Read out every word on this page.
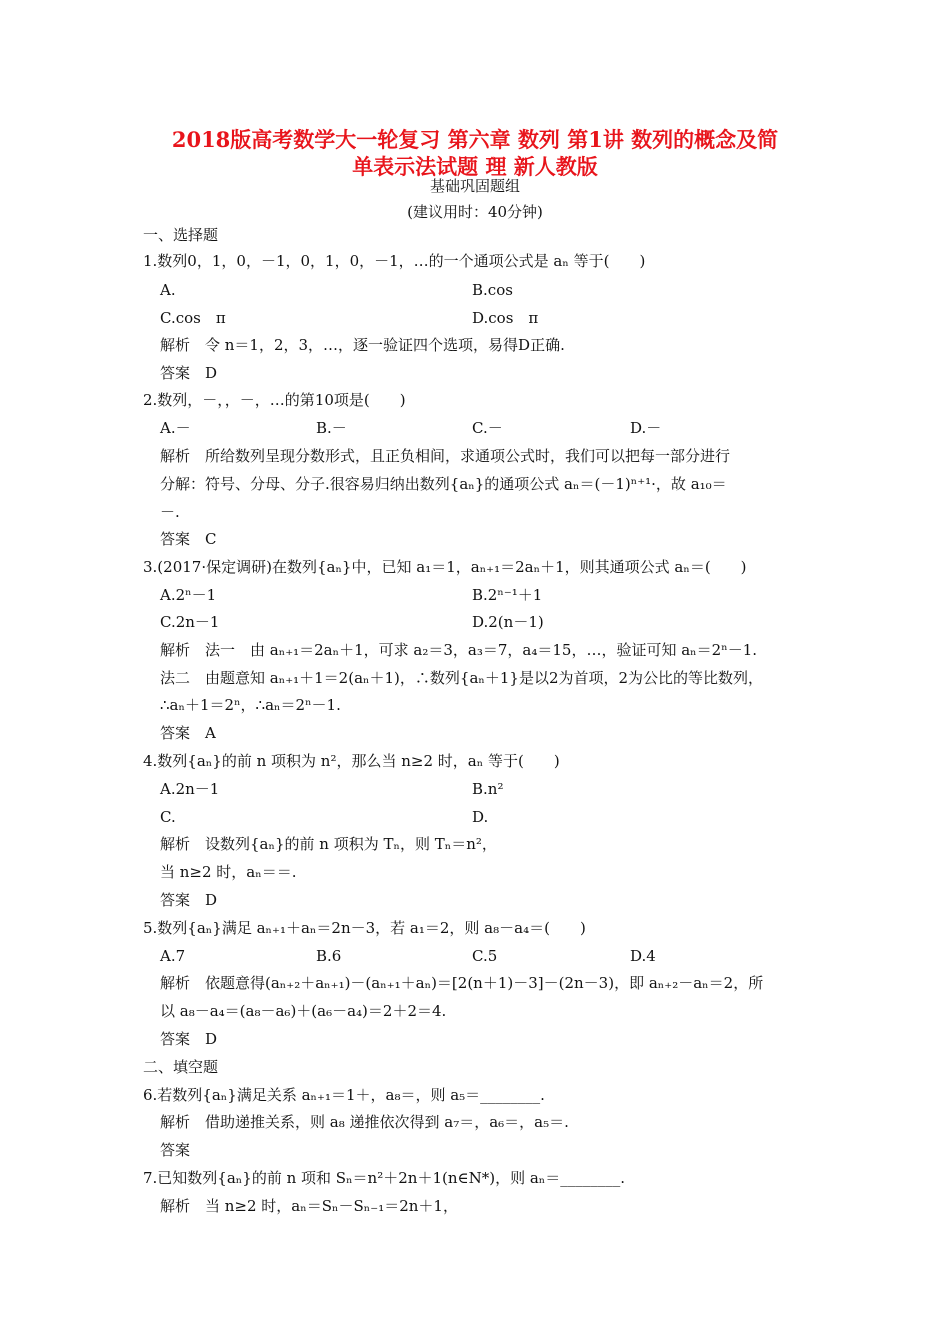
2018版高考数学大一轮复习 第六章 数列 第1讲 数列的概念及简
单表示法试题 理 新人教版
基础巩固题组
(建议用时：40分钟)
一、选择题
1.数列0，1，0，－1，0，1，0，－1，…的一个通项公式是 aₙ 等于(　　)
A.	B.cos
C.cos　π	D.cos　π
解析　令 n＝1，2，3，…，逐一验证四个选项，易得D正确.
答案　D
2.数列，－，，－，…的第10项是(　　)
A.－	B.－	C.－	D.－
解析　所给数列呈现分数形式，且正负相间，求通项公式时，我们可以把每一部分进行
分解：符号、分母、分子.很容易归纳出数列{aₙ}的通项公式 aₙ＝(－1)ⁿ⁺¹·，故 a₁₀＝
－.
答案　C
3.(2017·保定调研)在数列{aₙ}中，已知 a₁＝1，aₙ₊₁＝2aₙ＋1，则其通项公式 aₙ＝(　　)
A.2ⁿ－1	B.2ⁿ⁻¹＋1
C.2n－1	D.2(n－1)
解析　法一　由 aₙ₊₁＝2aₙ＋1，可求 a₂＝3，a₃＝7，a₄＝15，…，验证可知 aₙ＝2ⁿ－1.
法二　由题意知 aₙ₊₁＋1＝2(aₙ＋1)，∴数列{aₙ＋1}是以2为首项，2为公比的等比数列，
∴aₙ＋1＝2ⁿ，∴aₙ＝2ⁿ－1.
答案　A
4.数列{aₙ}的前 n 项积为 n²，那么当 n≥2 时，aₙ 等于(　　)
A.2n－1	B.n²
C.	D.
解析　设数列{aₙ}的前 n 项积为 Tₙ，则 Tₙ＝n²，
当 n≥2 时，aₙ＝＝.
答案　D
5.数列{aₙ}满足 aₙ₊₁＋aₙ＝2n－3，若 a₁＝2，则 a₈－a₄＝(　　)
A.7	B.6	C.5	D.4
解析　依题意得(aₙ₊₂＋aₙ₊₁)－(aₙ₊₁＋aₙ)＝[2(n＋1)－3]－(2n－3)，即 aₙ₊₂－aₙ＝2，所
以 a₈－a₄＝(a₈－a₆)＋(a₆－a₄)＝2＋2＝4.
答案　D
二、填空题
6.若数列{aₙ}满足关系 aₙ₊₁＝1＋，a₈＝，则 a₅＝________.
解析　借助递推关系，则 a₈ 递推依次得到 a₇＝，a₆＝，a₅＝.
答案
7.已知数列{aₙ}的前 n 项和 Sₙ＝n²＋2n＋1(n∈N*)，则 aₙ＝________.
解析　当 n≥2 时，aₙ＝Sₙ－Sₙ₋₁＝2n＋1，
